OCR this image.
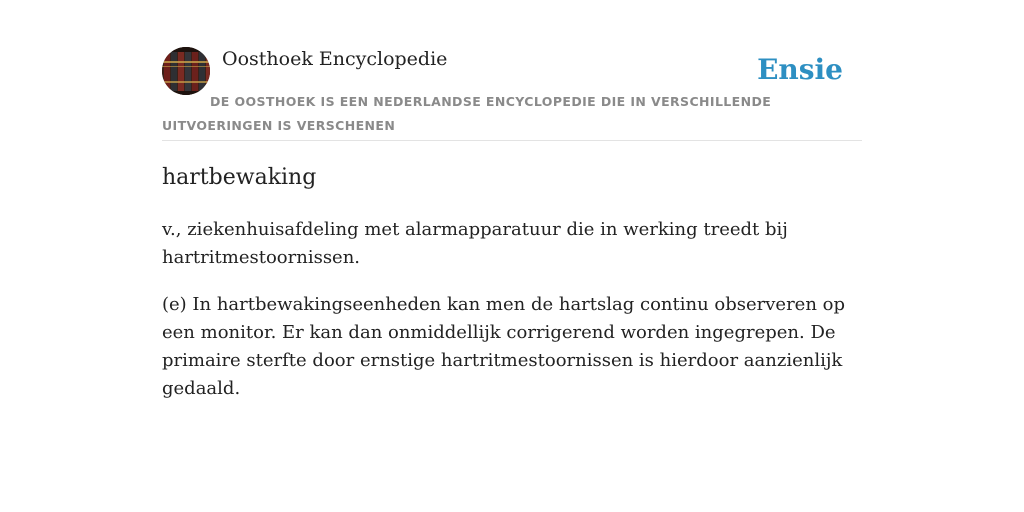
Oosthoek Encyclopedie	Ensie

DE OOSTHOEK IS EEN NEDERLANDSE ENCYCLOPEDIE DIE IN VERSCHILLENDE UITVOERINGEN IS VERSCHENEN

hartbewaking

v., ziekenhuisafdeling met alarmapparatuur die in werking treedt bij hartritmestoornissen.

(e) In hartbewakingseenheden kan men de hartslag continu observeren op een monitor. Er kan dan onmiddellijk corrigerend worden ingegrepen. De primaire sterfte door ernstige hartritmestoornissen is hierdoor aanzienlijk gedaald.
